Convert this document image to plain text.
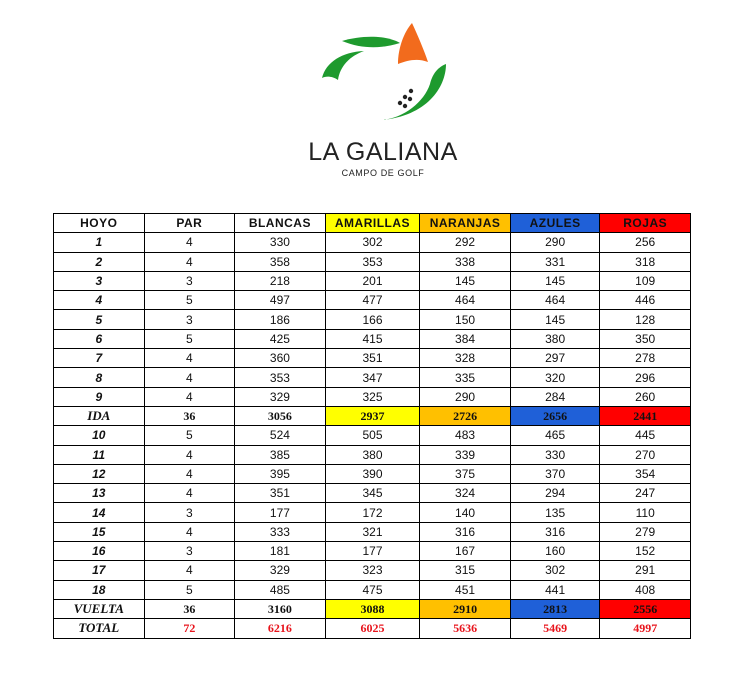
LA GALIANA
CAMPO DE GOLF
HOYO	PAR	BLANCAS	AMARILLAS	NARANJAS	AZULES	ROJAS
1	4	330	302	292	290	256
2	4	358	353	338	331	318
3	3	218	201	145	145	109
4	5	497	477	464	464	446
5	3	186	166	150	145	128
6	5	425	415	384	380	350
7	4	360	351	328	297	278
8	4	353	347	335	320	296
9	4	329	325	290	284	260
IDA	36	3056	2937	2726	2656	2441
10	5	524	505	483	465	445
11	4	385	380	339	330	270
12	4	395	390	375	370	354
13	4	351	345	324	294	247
14	3	177	172	140	135	110
15	4	333	321	316	316	279
16	3	181	177	167	160	152
17	4	329	323	315	302	291
18	5	485	475	451	441	408
VUELTA	36	3160	3088	2910	2813	2556
TOTAL	72	6216	6025	5636	5469	4997
